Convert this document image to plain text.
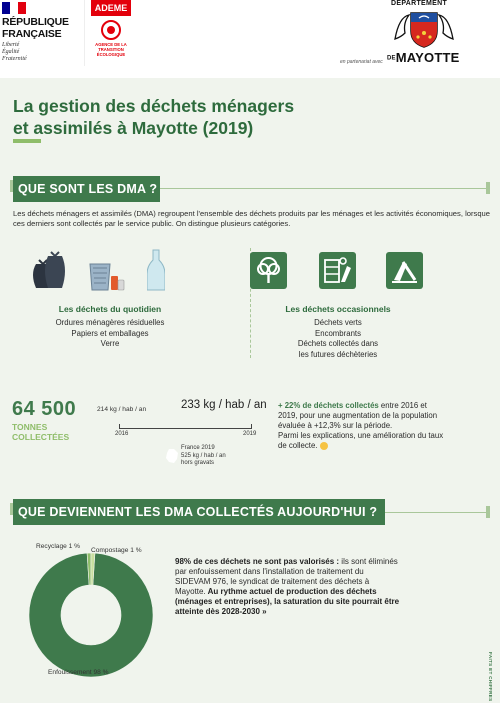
RÉPUBLIQUE
FRANÇAISE
Liberté
Égalité
Fraternité
ADEME
AGENCE DE LA TRANSITION ÉCOLOGIQUE
en partenariat avec
DÉPARTEMENT
DEMAYOTTE
La gestion des déchets ménagers
et assimilés à Mayotte (2019)
QUE SONT LES DMA ?
Les déchets ménagers et assimilés (DMA) regroupent l'ensemble des déchets produits par les ménages et les activités économiques, lorsque ces derniers sont collectés par le service public. On distingue plusieurs catégories.
Les déchets du quotidien
Ordures ménagères résiduelles
Papiers et emballages
Verre
Les déchets occasionnels
Déchets verts
Encombrants
Déchets collectés dans
les futures déchèteries
64 500
TONNES
COLLECTÉES
214 kg / hab / an	233 kg / hab / an
2016	2019
France 2019
525 kg / hab / an
hors gravats
+ 22% de déchets collectés entre 2016 et 2019, pour une augmentation de la population évaluée à +12,3% sur la période.
Parmi les explications, une amélioration du taux de collecte.
QUE DEVIENNENT LES DMA COLLECTÉS AUJOURD'HUI ?
Recyclage 1 %
Compostage 1 %
Enfouissement 98 %
98% de ces déchets ne sont pas valorisés : ils sont éliminés par enfouissement dans l'installation de traitement du SIDEVAM 976, le syndicat de traitement des déchets à Mayotte. Au rythme actuel de production des déchets (ménages et entreprises), la saturation du site pourrait être atteinte dès 2028-2030 »
FAITS ET CHIFFRES
